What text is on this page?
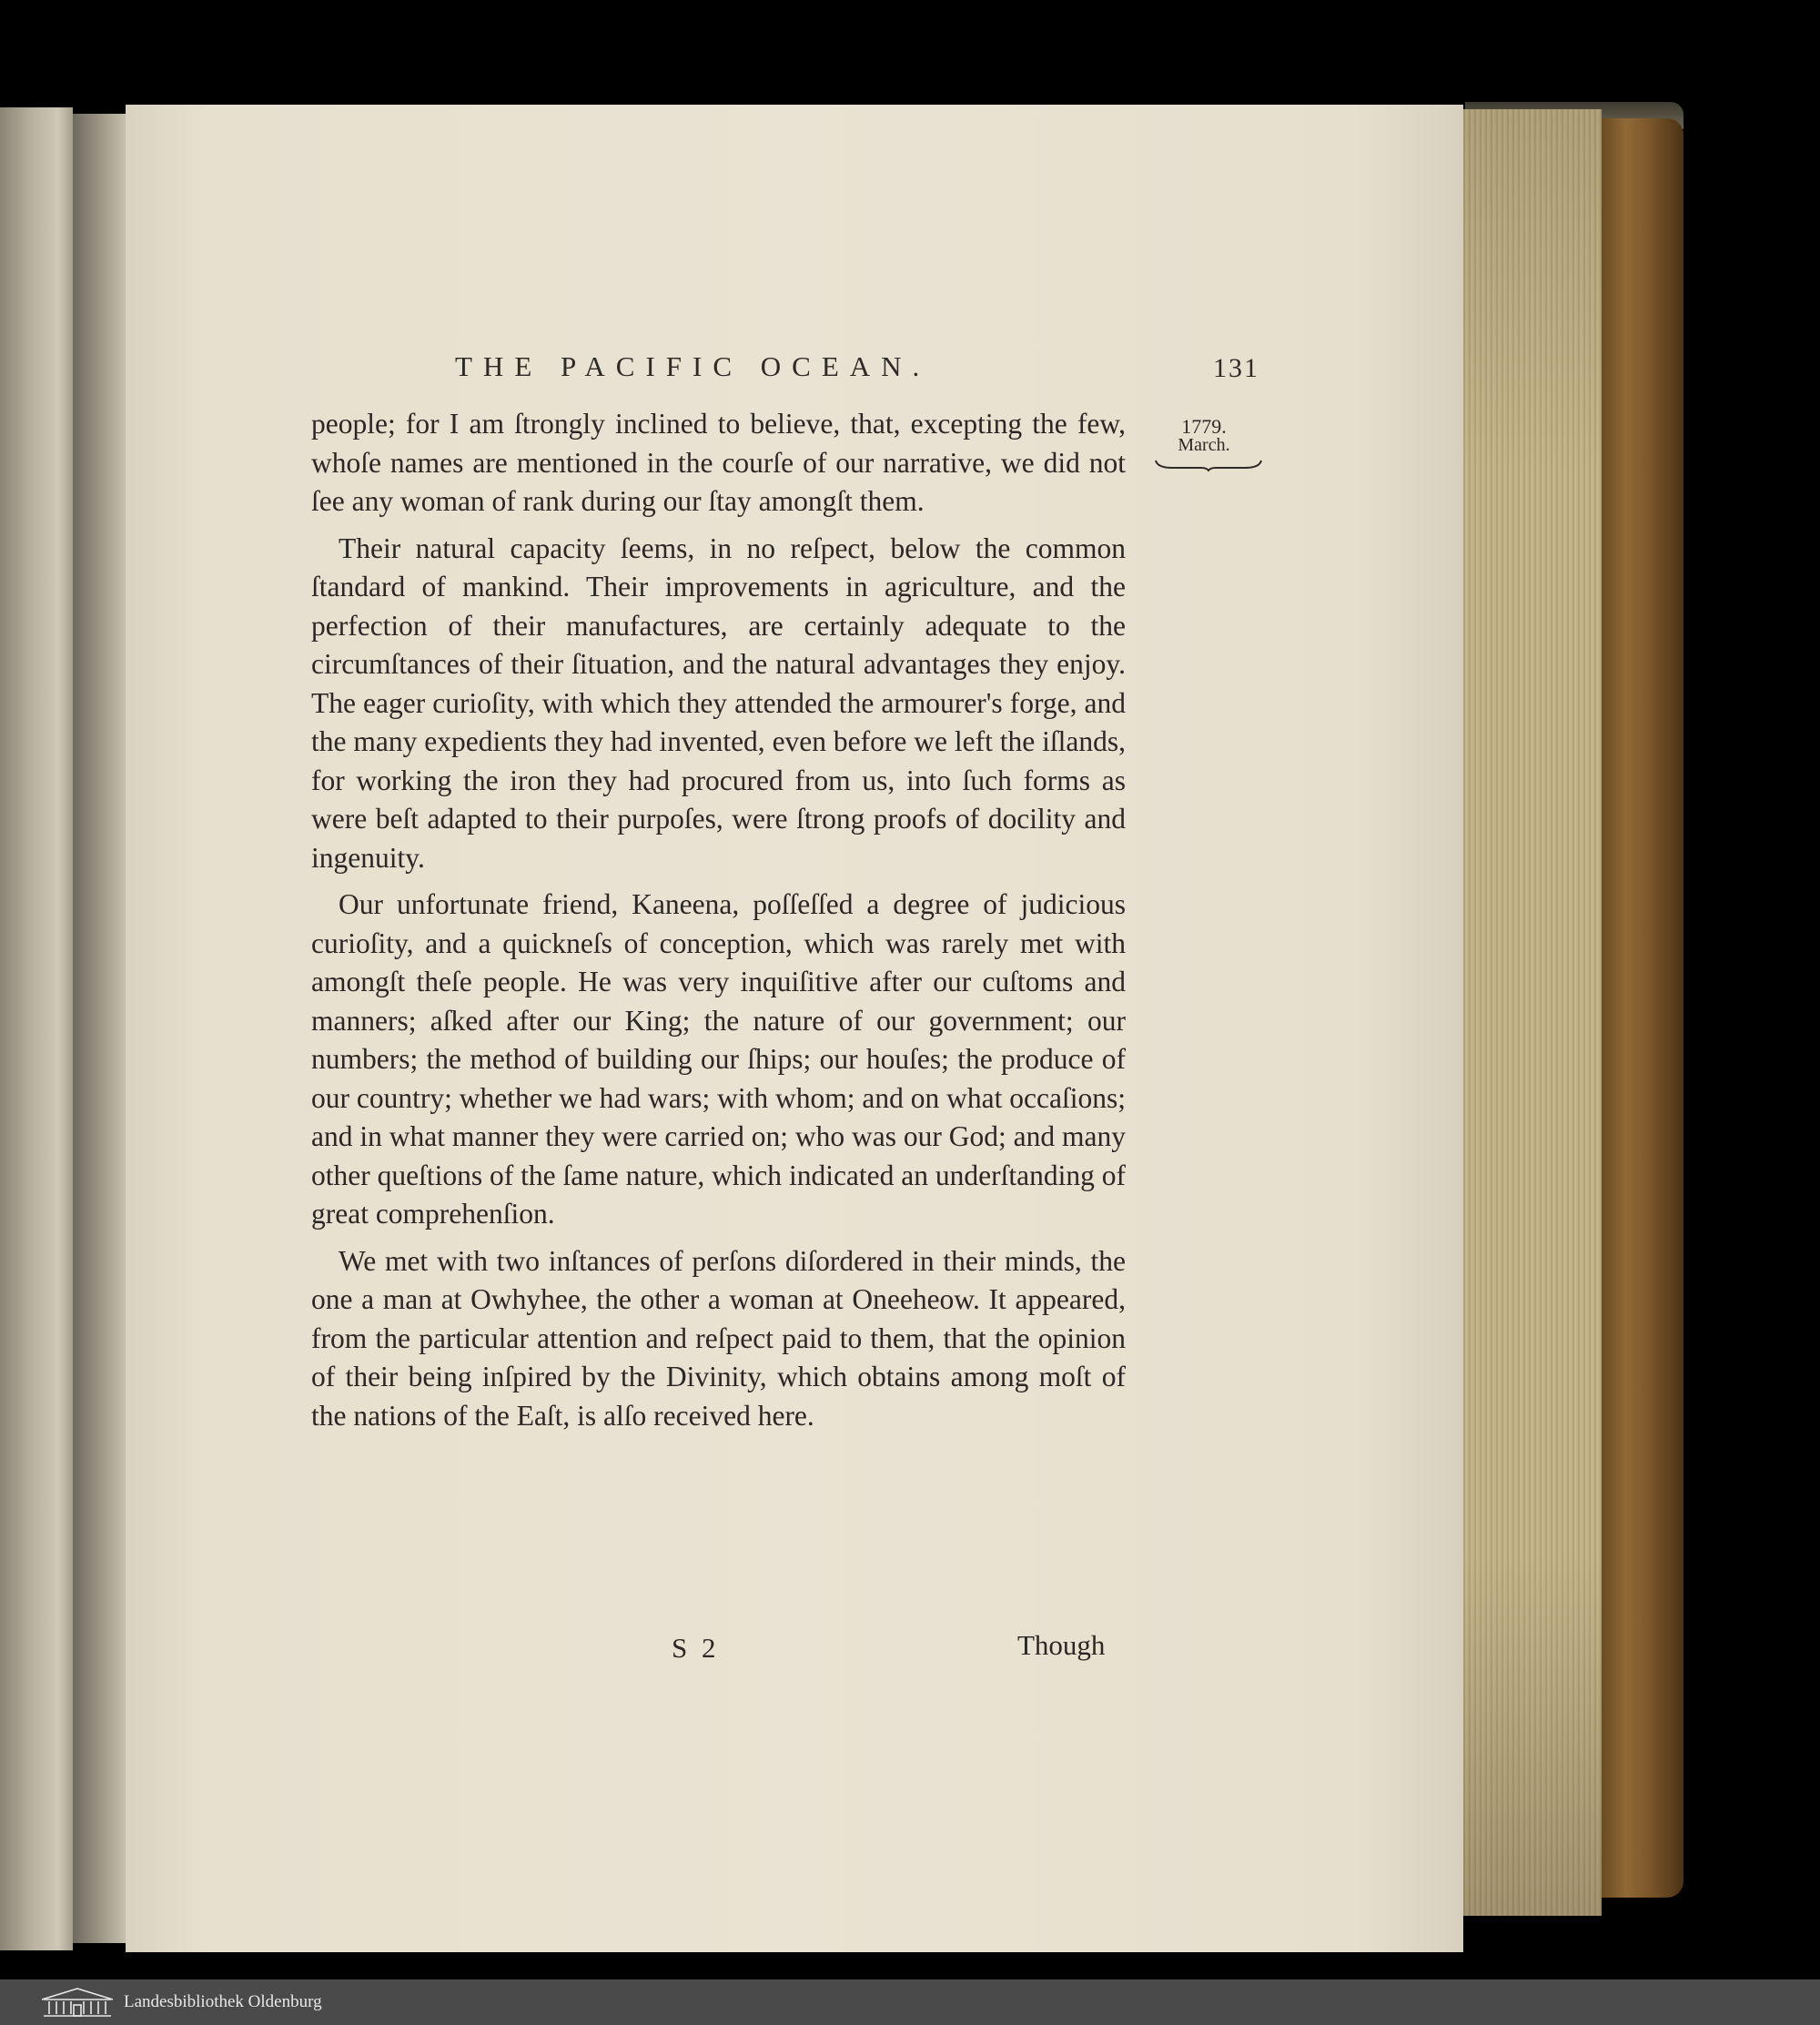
THE PACIFIC OCEAN.	131
1779.
March.

people; for I am ſtrongly inclined to believe, that, excepting the few, whoſe names are mentioned in the courſe of our narrative, we did not ſee any woman of rank during our ſtay amongſt them.

Their natural capacity ſeems, in no reſpect, below the common ſtandard of mankind. Their improvements in agriculture, and the perfection of their manufactures, are certainly adequate to the circumſtances of their ſituation, and the natural advantages they enjoy. The eager curioſity, with which they attended the armourer's forge, and the many expedients they had invented, even before we left the iſlands, for working the iron they had procured from us, into ſuch forms as were beſt adapted to their purpoſes, were ſtrong proofs of docility and ingenuity.

Our unfortunate friend, Kaneena, poſſeſſed a degree of judicious curioſity, and a quickneſs of conception, which was rarely met with amongſt theſe people. He was very inquiſitive after our cuſtoms and manners; aſked after our King; the nature of our government; our numbers; the method of building our ſhips; our houſes; the produce of our country; whether we had wars; with whom; and on what occaſions; and in what manner they were carried on; who was our God; and many other queſtions of the ſame nature, which indicated an underſtanding of great comprehenſion.

We met with two inſtances of perſons diſordered in their minds, the one a man at Owhyhee, the other a woman at Oneeheow. It appeared, from the particular attention and reſpect paid to them, that the opinion of their being inſpired by the Divinity, which obtains among moſt of the nations of the Eaſt, is alſo received here.

S 2	Though
Landesbibliothek Oldenburg
